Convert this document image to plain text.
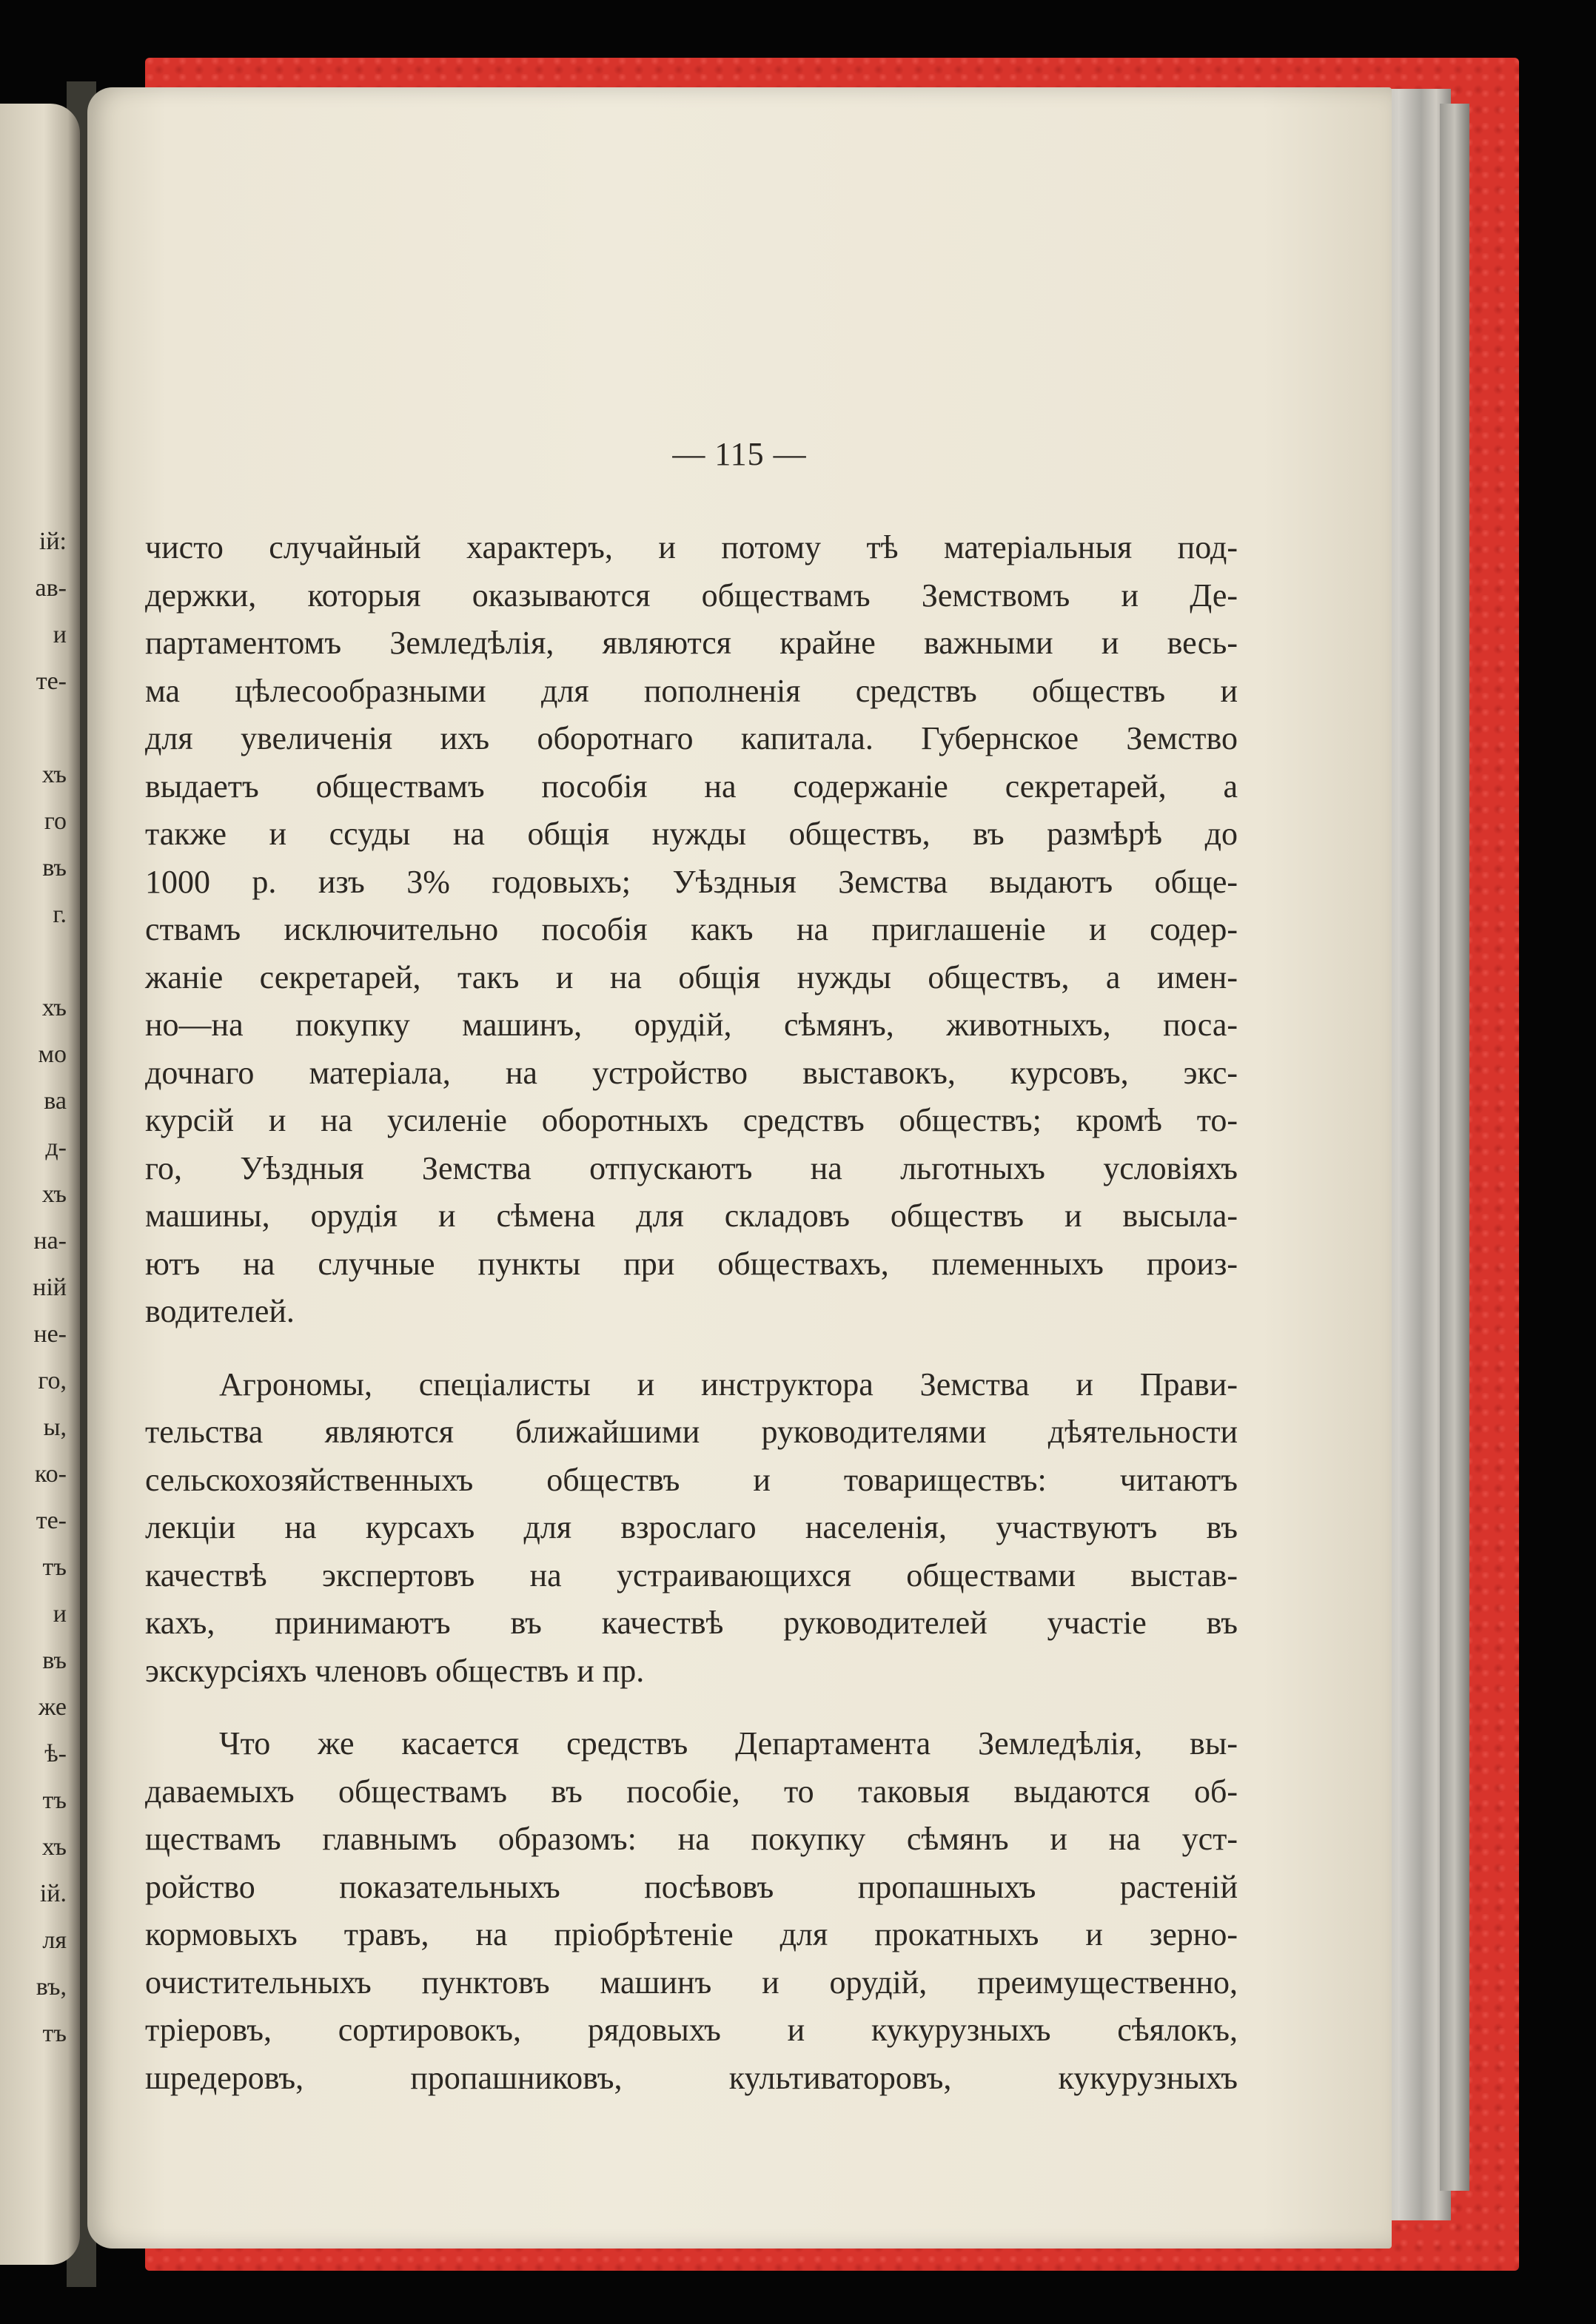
ій:
ав-
и
те-

хъ
го
въ
г.

хъ
мо
ва
д-
хъ
на-
ній
не-
го,
ы,
ко-
те-
тъ
и
въ
же
ѣ-
тъ
хъ
ій.
ля
въ,
тъ
— 115 —
чисто случайный характеръ, и потому тѣ матеріальныя под-
держки, которыя оказываются обществамъ Земствомъ и Де-
партаментомъ Земледѣлія, являются крайне важными и весь-
ма цѣлесообразными для пополненія средствъ обществъ и
для увеличенія ихъ оборотнаго капитала. Губернское Земство
выдаетъ обществамъ пособія на содержаніе секретарей, а
также и ссуды на общія нужды обществъ, въ размѣрѣ до
1000 р. изъ 3% годовыхъ; Уѣздныя Земства выдаютъ обще-
ствамъ исключительно пособія какъ на приглашеніе и содер-
жаніе секретарей, такъ и на общія нужды обществъ, а имен-
но—на покупку машинъ, орудій, сѣмянъ, животныхъ, поса-
дочнаго матеріала, на устройство выставокъ, курсовъ, экс-
курсій и на усиленіе оборотныхъ средствъ обществъ; кромѣ то-
го, Уѣздныя Земства отпускаютъ на льготныхъ условіяхъ
машины, орудія и сѣмена для складовъ обществъ и высыла-
ютъ на случные пункты при обществахъ, племенныхъ произ-
водителей.
Агрономы, спеціалисты и инструктора Земства и Прави-
тельства являются ближайшими руководителями дѣятельности
сельскохозяйственныхъ обществъ и товариществъ: читаютъ
лекціи на курсахъ для взрослаго населенія, участвуютъ въ
качествѣ экспертовъ на устраивающихся обществами выстав-
кахъ, принимаютъ въ качествѣ руководителей участіе въ
экскурсіяхъ членовъ обществъ и пр.
Что же касается средствъ Департамента Земледѣлія, вы-
даваемыхъ обществамъ въ пособіе, то таковыя выдаются об-
ществамъ главнымъ образомъ: на покупку сѣмянъ и на уст-
ройство показательныхъ посѣвовъ пропашныхъ растеній
кормовыхъ травъ, на пріобрѣтеніе для прокатныхъ и зерно-
очистительныхъ пунктовъ машинъ и орудій, преимущественно,
тріеровъ, сортировокъ, рядовыхъ и кукурузныхъ сѣялокъ,
шредеровъ, пропашниковъ, культиваторовъ, кукурузныхъ
